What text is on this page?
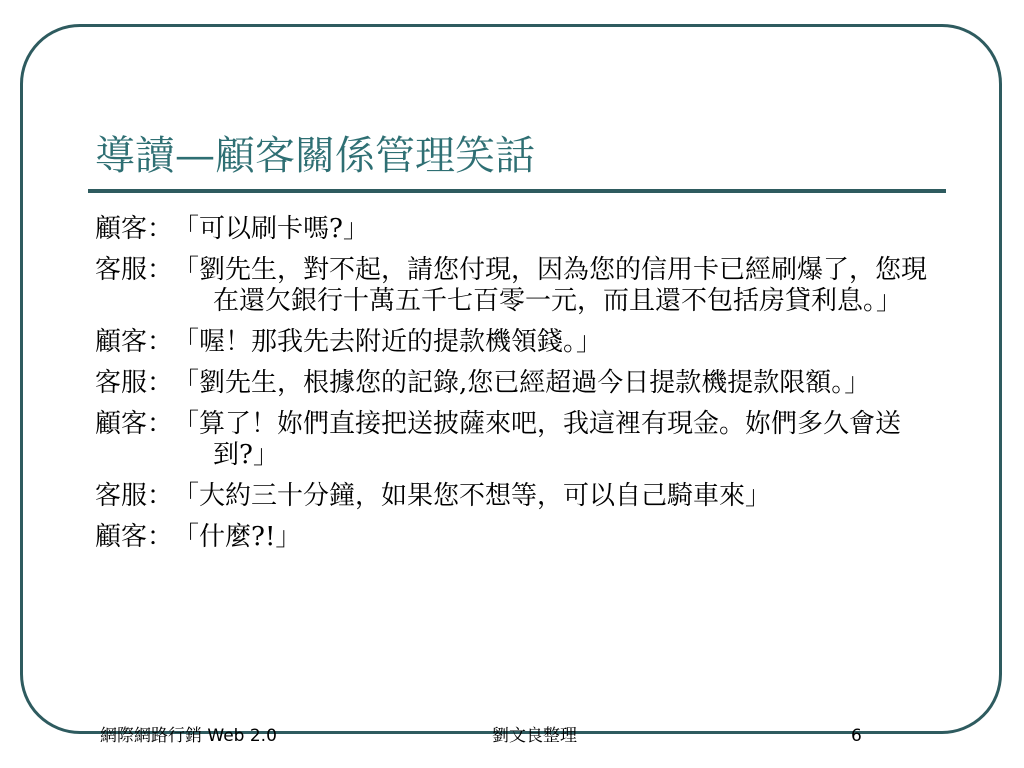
導讀—顧客關係管理笑話
顧客： 「可以刷卡嗎?」
客服： 「劉先生，對不起，請您付現，因為您的信用卡已經刷爆了，您現在還欠銀行十萬五千七百零一元，而且還不包括房貸利息。」
顧客： 「喔！那我先去附近的提款機領錢。」
客服： 「劉先生，根據您的記錄,您已經超過今日提款機提款限額。」
顧客： 「算了！妳們直接把送披薩來吧，我這裡有現金。妳們多久會送到?」
客服： 「大約三十分鐘，如果您不想等，可以自己騎車來」
顧客： 「什麼?!」
網際網路行銷 Web 2.0	劉文良整理	6
